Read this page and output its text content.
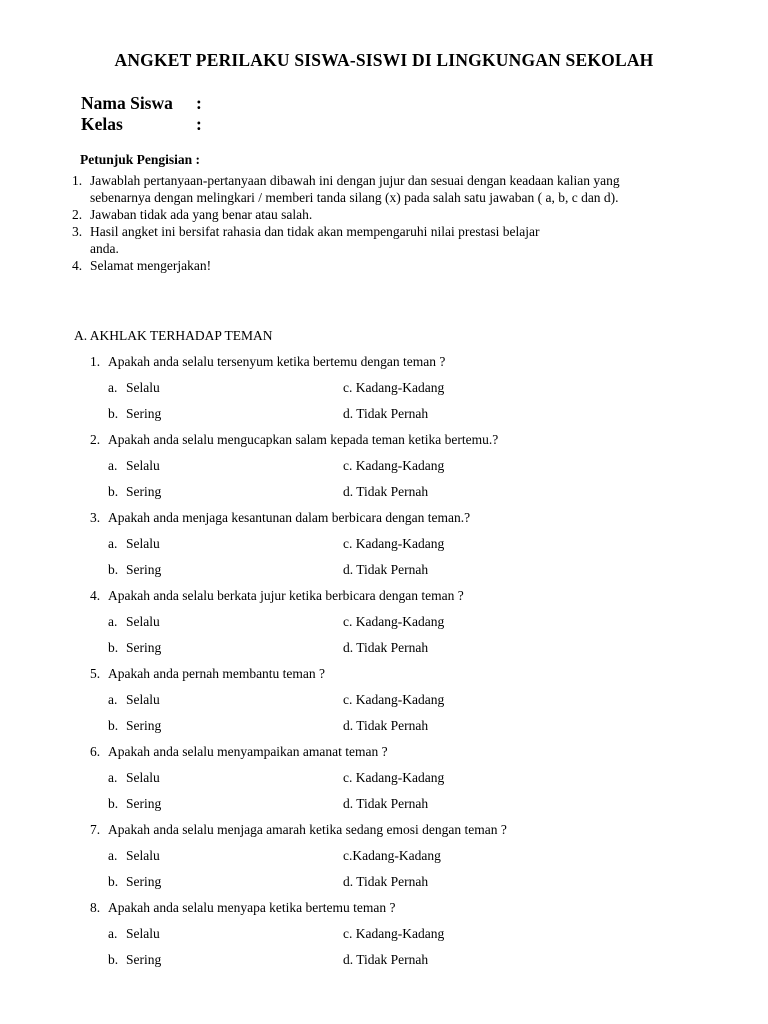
ANGKET PERILAKU SISWA-SISWI DI LINGKUNGAN SEKOLAH
Nama Siswa :
Kelas	:
Petunjuk Pengisian :
1. Jawablah pertanyaan-pertanyaan dibawah ini dengan jujur dan sesuai dengan keadaan kalian yang
sebenarnya dengan melingkari / memberi tanda silang (x) pada salah satu jawaban ( a, b, c dan d).
2. Jawaban tidak ada yang benar atau salah.
3. Hasil angket ini bersifat rahasia dan tidak akan mempengaruhi nilai prestasi belajar
anda.
4. Selamat mengerjakan!
A. AKHLAK TERHADAP TEMAN
1. Apakah anda selalu tersenyum ketika bertemu dengan teman ?
a. Selalu	c. Kadang-Kadang
b. Sering	d. Tidak Pernah
2. Apakah anda selalu mengucapkan salam kepada teman ketika bertemu.?
a. Selalu	c. Kadang-Kadang
b. Sering	d. Tidak Pernah
3. Apakah anda menjaga kesantunan dalam berbicara dengan teman.?
a. Selalu	c. Kadang-Kadang
b. Sering	d. Tidak Pernah
4. Apakah anda selalu berkata jujur ketika berbicara dengan teman ?
a. Selalu	c. Kadang-Kadang
b. Sering	d. Tidak Pernah
5. Apakah anda pernah membantu teman ?
a. Selalu	c. Kadang-Kadang
b. Sering	d. Tidak Pernah
6. Apakah anda selalu menyampaikan amanat teman ?
a. Selalu	c. Kadang-Kadang
b. Sering	d. Tidak Pernah
7. Apakah anda selalu menjaga amarah ketika sedang emosi dengan teman ?
a. Selalu	c.Kadang-Kadang
b. Sering	d. Tidak Pernah
8. Apakah anda selalu menyapa ketika bertemu teman ?
a. Selalu	c. Kadang-Kadang
b. Sering	d. Tidak Pernah
